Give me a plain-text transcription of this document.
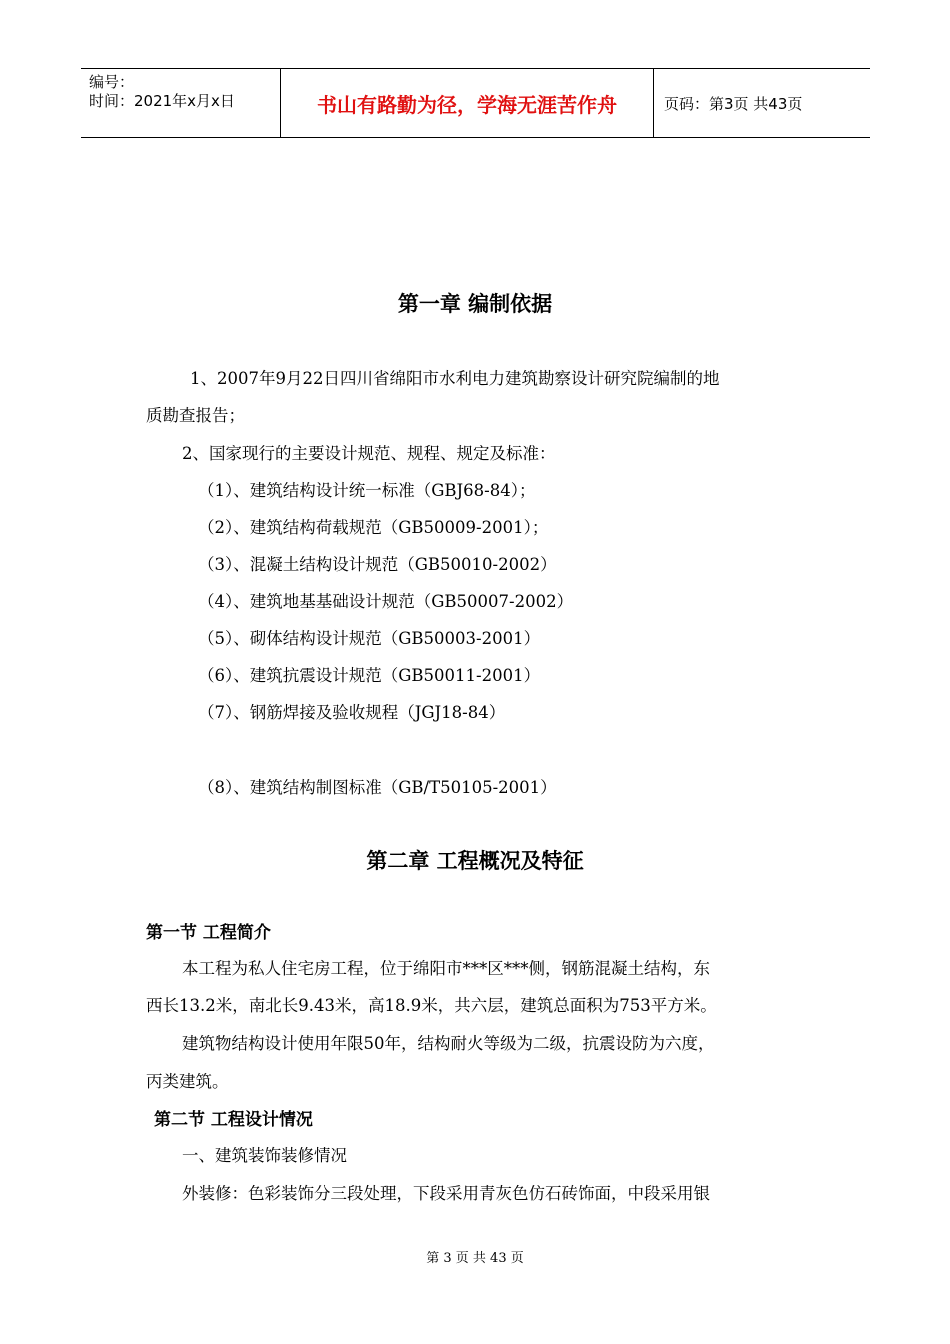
编号：
时间：2021年x月x日	书山有路勤为径，学海无涯苦作舟	页码：第3页 共43页
第一章 编制依据
1、2007年9月22日四川省绵阳市水利电力建筑勘察设计研究院编制的地
质勘查报告；
2、国家现行的主要设计规范、规程、规定及标准：
（1）、建筑结构设计统一标准（GBJ68-84）；
（2）、建筑结构荷载规范（GB50009-2001）；
（3）、混凝土结构设计规范（GB50010-2002）
（4）、建筑地基基础设计规范（GB50007-2002）
（5）、砌体结构设计规范（GB50003-2001）
（6）、建筑抗震设计规范（GB50011-2001）
（7）、钢筋焊接及验收规程（JGJ18-84）
（8）、建筑结构制图标准（GB/T50105-2001）
第二章 工程概况及特征
第一节 工程简介
本工程为私人住宅房工程，位于绵阳市***区***侧，钢筋混凝土结构，东
西长13.2米，南北长9.43米，高18.9米，共六层，建筑总面积为753平方米。
建筑物结构设计使用年限50年，结构耐火等级为二级，抗震设防为六度，
丙类建筑。
第二节 工程设计情况
一、建筑装饰装修情况
外装修：色彩装饰分三段处理，下段采用青灰色仿石砖饰面，中段采用银
第 3 页 共 43 页
